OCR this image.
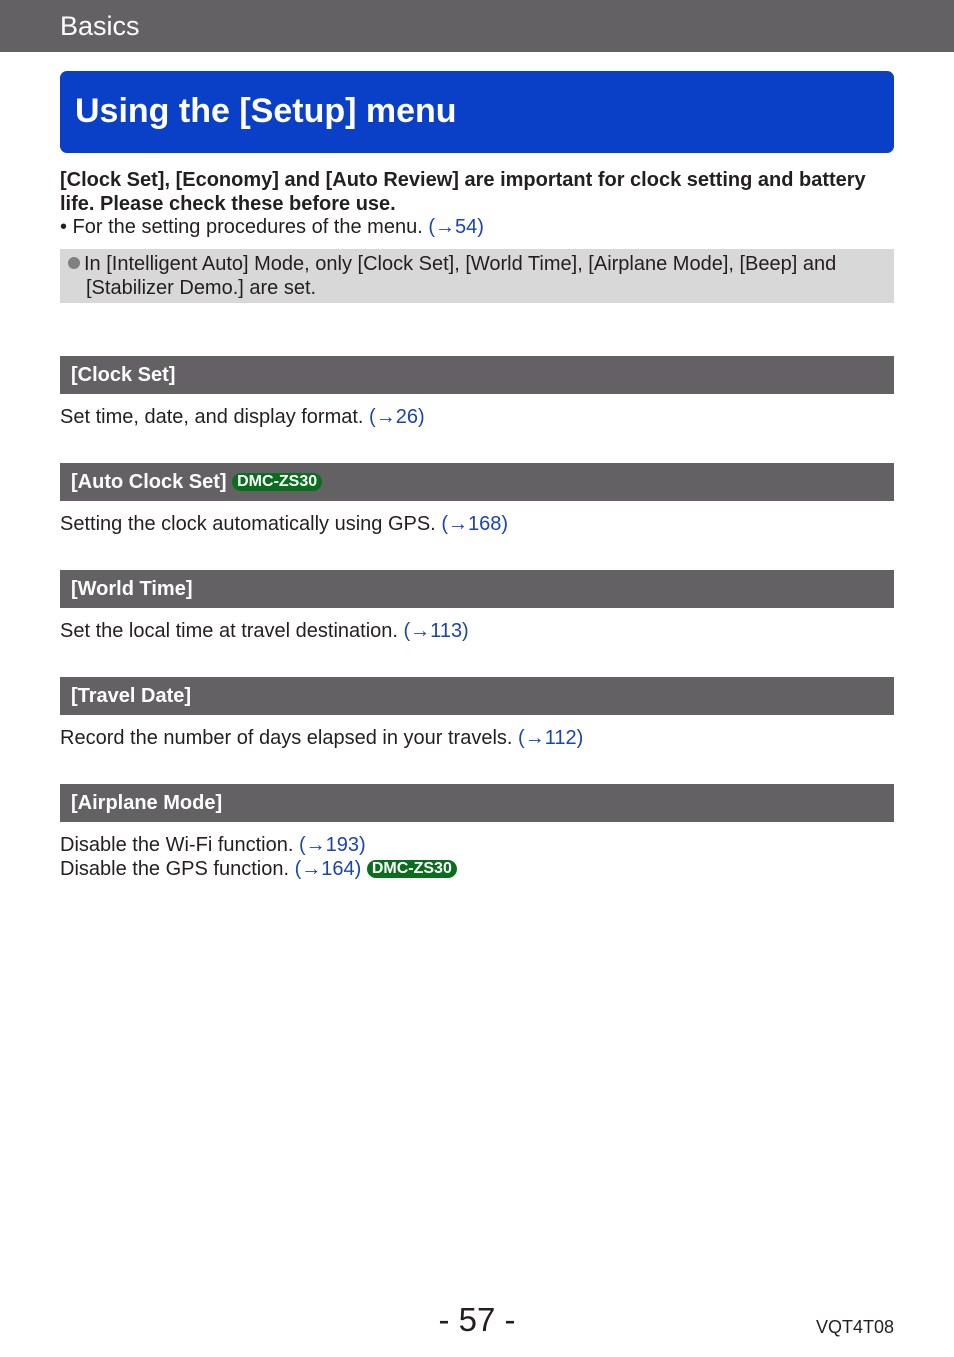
Basics
Using the [Setup] menu
[Clock Set], [Economy] and [Auto Review] are important for clock setting and battery life. Please check these before use.
• For the setting procedures of the menu. (→54)
In [Intelligent Auto] Mode, only [Clock Set], [World Time], [Airplane Mode], [Beep] and
[Stabilizer Demo.] are set.
[Clock Set]
Set time, date, and display format. (→26)
[Auto Clock Set] DMC-ZS30
Setting the clock automatically using GPS. (→168)
[World Time]
Set the local time at travel destination. (→113)
[Travel Date]
Record the number of days elapsed in your travels. (→112)
[Airplane Mode]
Disable the Wi-Fi function. (→193)
Disable the GPS function. (→164) DMC-ZS30
- 57 -	VQT4T08
